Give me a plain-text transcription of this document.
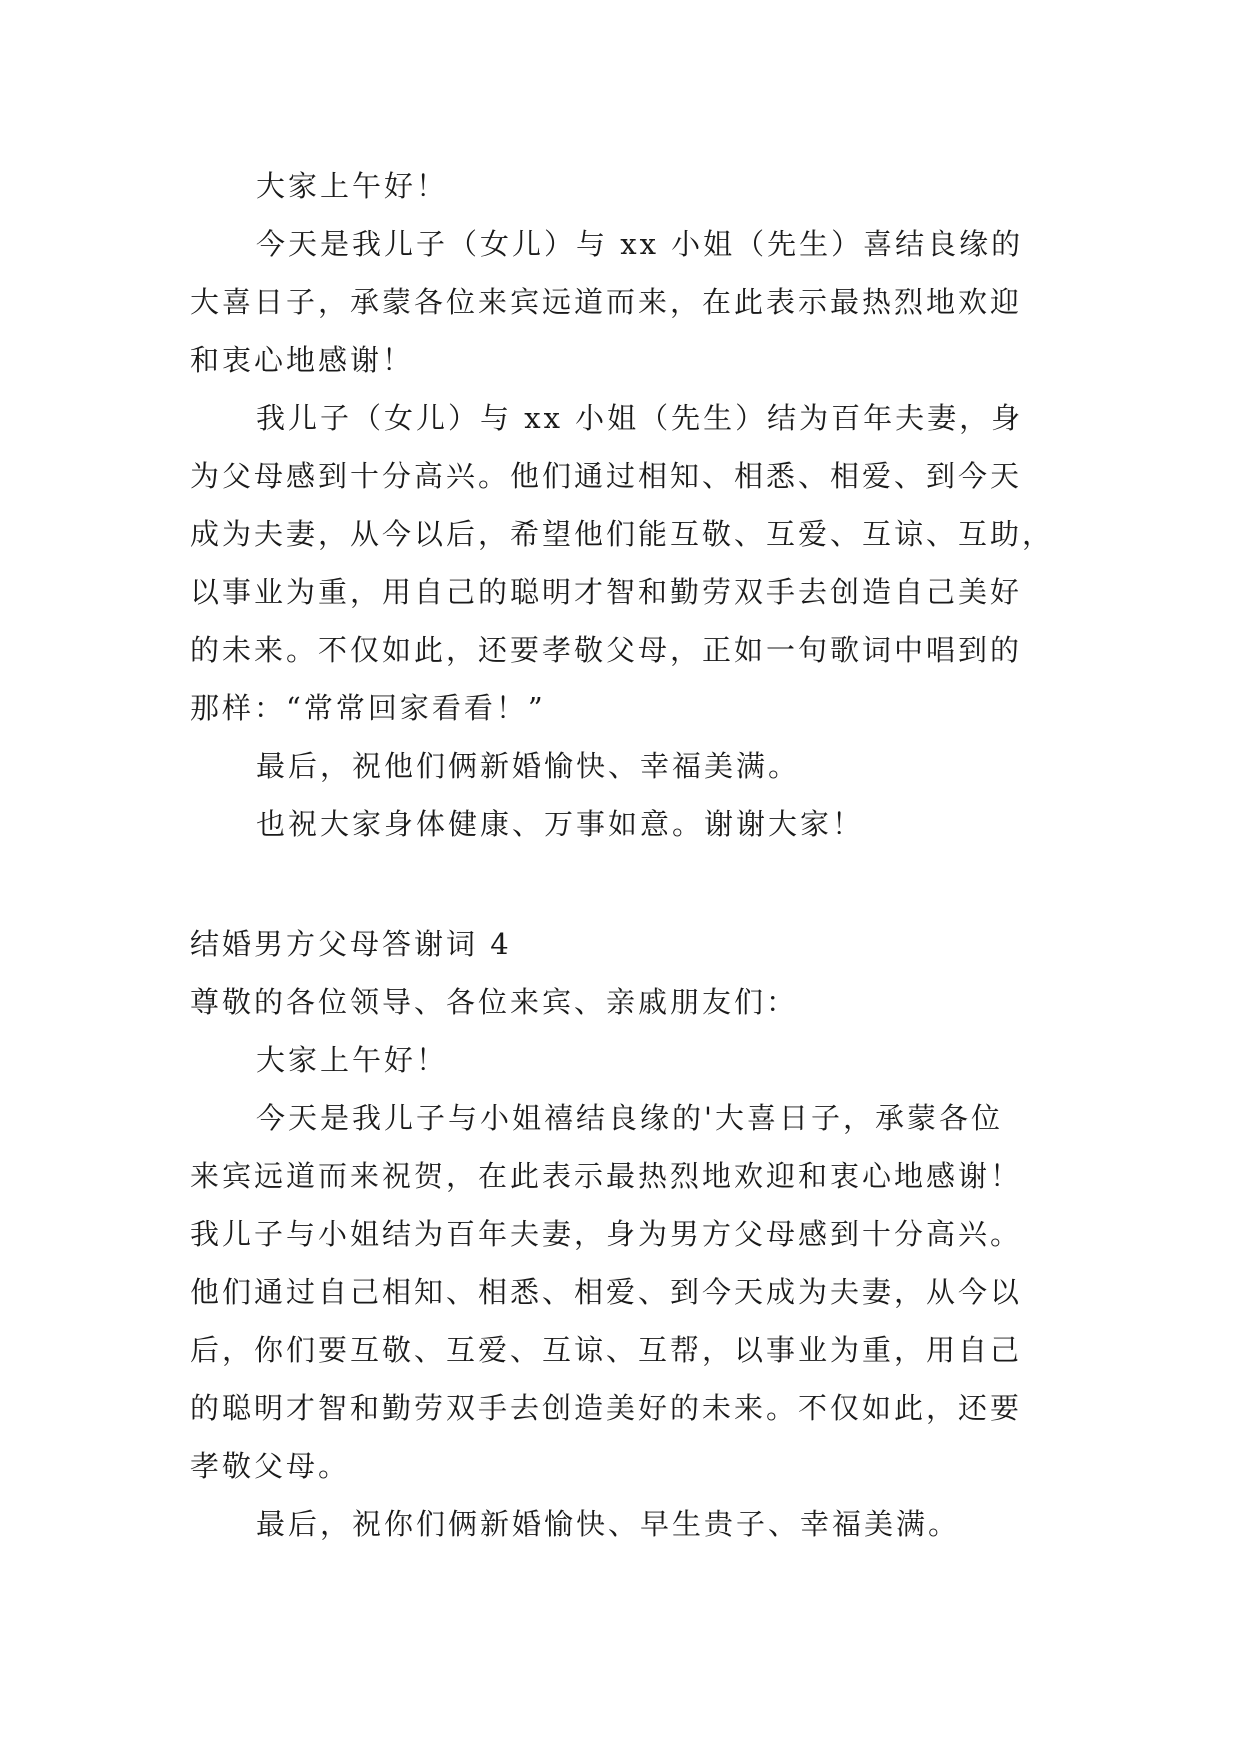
大家上午好！
今天是我儿子（女儿）与 xx 小姐（先生）喜结良缘的
大喜日子，承蒙各位来宾远道而来，在此表示最热烈地欢迎
和衷心地感谢！
我儿子（女儿）与 xx 小姐（先生）结为百年夫妻，身
为父母感到十分高兴。他们通过相知、相悉、相爱、到今天
成为夫妻，从今以后，希望他们能互敬、互爱、互谅、互助，
以事业为重，用自己的聪明才智和勤劳双手去创造自己美好
的未来。不仅如此，还要孝敬父母，正如一句歌词中唱到的
那样：“常常回家看看！”
最后，祝他们俩新婚愉快、幸福美满。
也祝大家身体健康、万事如意。谢谢大家！
结婚男方父母答谢词 4
尊敬的各位领导、各位来宾、亲戚朋友们：
大家上午好！
今天是我儿子与小姐禧结良缘的'大喜日子，承蒙各位
来宾远道而来祝贺，在此表示最热烈地欢迎和衷心地感谢！
我儿子与小姐结为百年夫妻，身为男方父母感到十分高兴。
他们通过自己相知、相悉、相爱、到今天成为夫妻，从今以
后，你们要互敬、互爱、互谅、互帮，以事业为重，用自己
的聪明才智和勤劳双手去创造美好的未来。不仅如此，还要
孝敬父母。
最后，祝你们俩新婚愉快、早生贵子、幸福美满。
